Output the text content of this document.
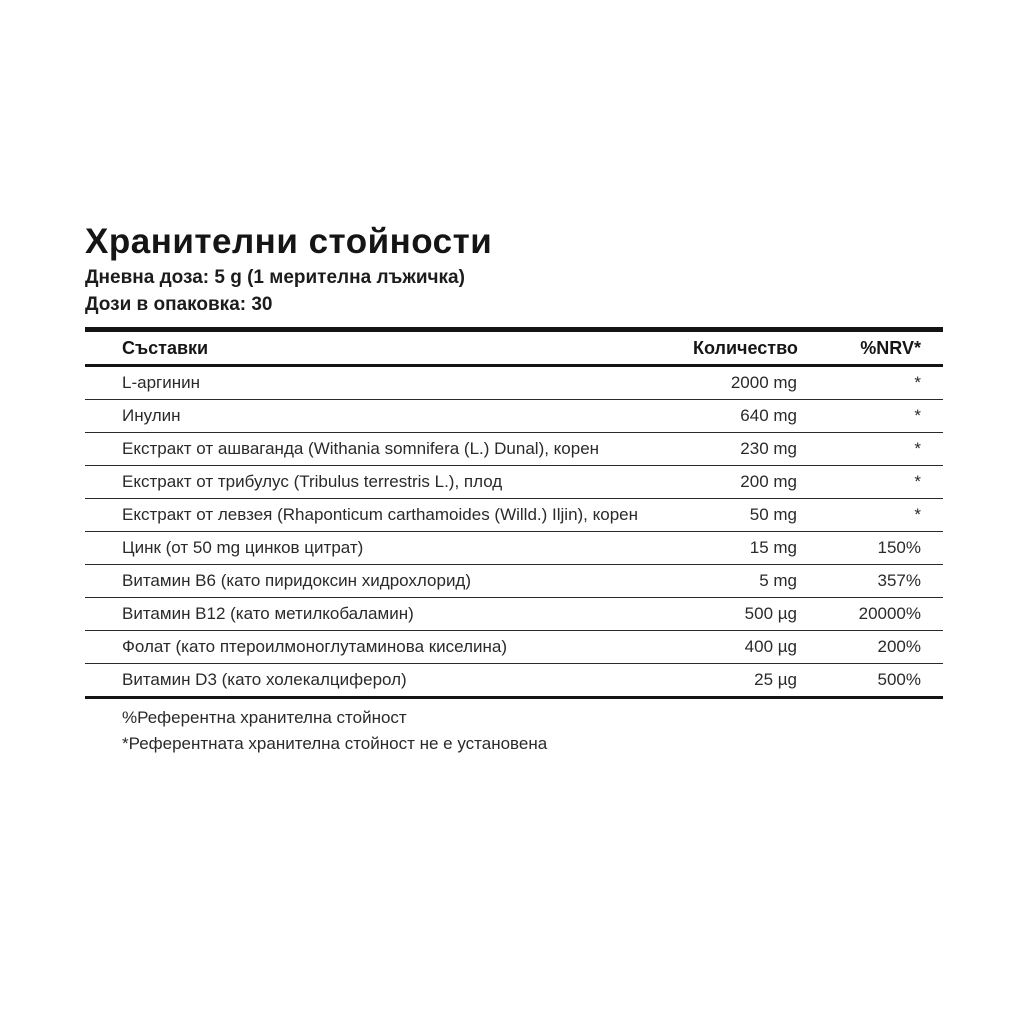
Хранителни стойности
Дневна доза: 5 g (1 мерителна лъжичка)
Дози в опаковка: 30
Съставки	Количество	%NRV*
L-аргинин	2000 mg	*
Инулин	640 mg	*
Екстракт от ашваганда (Withania somnifera (L.) Dunal), корен	230 mg	*
Екстракт от трибулус (Tribulus terrestris L.), плод	200 mg	*
Екстракт от левзея (Rhaponticum carthamoides (Willd.) Iljin), корен	50 mg	*
Цинк (от 50 mg цинков цитрат)	15 mg	150%
Витамин B6 (като пиридоксин хидрохлорид)	5 mg	357%
Витамин B12 (като метилкобаламин)	500 µg	20000%
Фолат (като птероилмоноглутаминова киселина)	400 µg	200%
Витамин D3 (като холекалциферол)	25 µg	500%
%Референтна хранителна стойност
*Референтната хранителна стойност не е установена
